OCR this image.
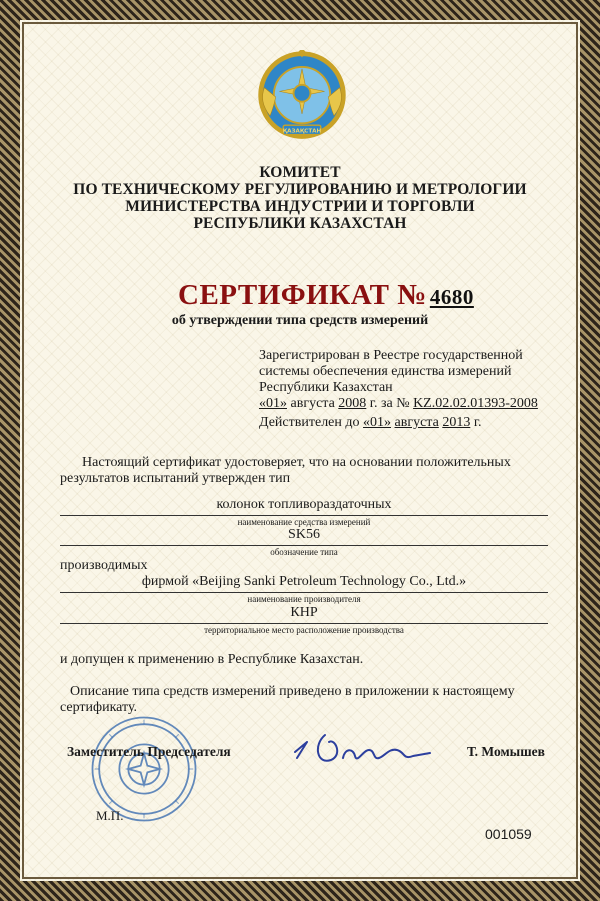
ҚАЗАҚСТАН
КОМИТЕТ
ПО ТЕХНИЧЕСКОМУ РЕГУЛИРОВАНИЮ И МЕТРОЛОГИИ
МИНИСТЕРСТВА ИНДУСТРИИ И ТОРГОВЛИ
РЕСПУБЛИКИ КАЗАХСТАН
СЕРТИФИКАТ № 4680
об утверждении типа средств измерений
Зарегистрирован в Реестре государственной
системы обеспечения единства измерений
Республики Казахстан
«01» августа 2008 г. за № KZ.02.02.01393-2008
Действителен до «01» августа 2013 г.
Настоящий сертификат удостоверяет, что на основании положительных
результатов испытаний утвержден тип
колонок топливораздаточных
наименование средства измерений
SK56
обозначение типа
производимых
фирмой «Beijing Sanki Petroleum Technology Co., Ltd.»
наименование производителя
КНР
территориальное место расположение производства
и допущен к применению в Республике Казахстан.
Описание типа средств измерений приведено в приложении к настоящему
сертификату.
Заместитель Председателя	Т. Момышев
М.П.
001059
